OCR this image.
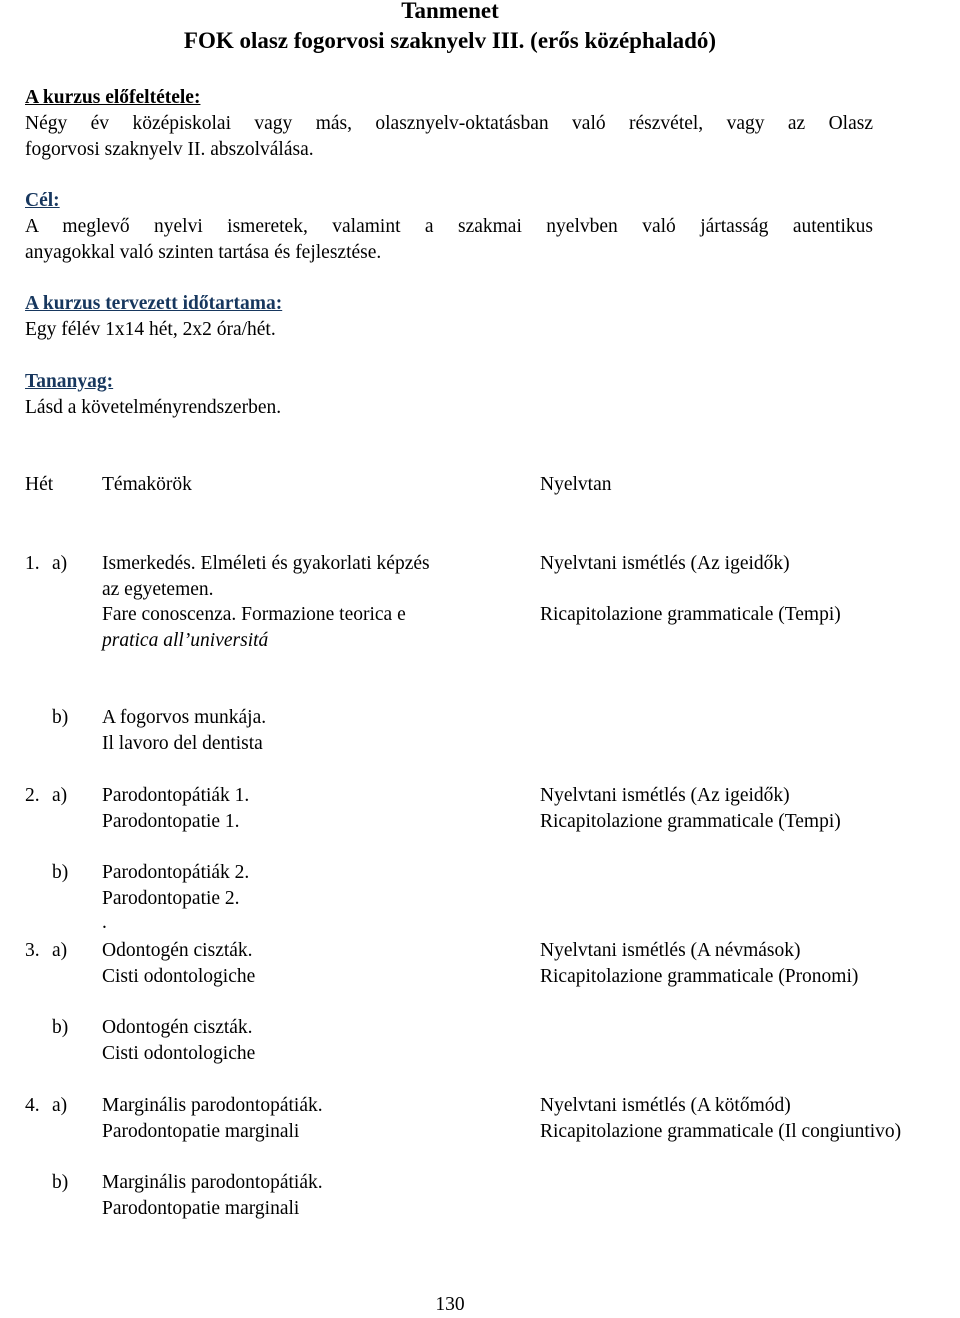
Tanmenet
FOK olasz fogorvosi szaknyelv III. (erős középhaladó)
A kurzus előfeltétele:
Négy év középiskolai vagy más, olasznyelv-oktatásban való részvétel, vagy az Olasz
fogorvosi szaknyelv II. abszolválása.
Cél:
A meglevő nyelvi ismeretek, valamint a szakmai nyelvben való jártasság autentikus
anyagokkal való szinten tartása és fejlesztése.
A kurzus tervezett időtartama:
Egy félév 1x14 hét, 2x2 óra/hét.
Tananyag:
Lásd a követelményrendszerben.
Hét	Témakörök	Nyelvtan
1. a) Ismerkedés. Elméleti és gyakorlati képzés
az egyetemen.
Fare conoscenza. Formazione teorica e
pratica all’universitá
Nyelvtani ismétlés (Az igeidők)
Ricapitolazione grammaticale (Tempi)
b) A fogorvos munkája.
Il lavoro del dentista
2. a) Parodontopátiák 1.
Parodontopatie 1.
Nyelvtani ismétlés (Az igeidők)
Ricapitolazione grammaticale (Tempi)
b) Parodontopátiák 2.
Parodontopatie 2.
.
3. a) Odontogén ciszták.
Cisti odontologiche
Nyelvtani ismétlés (A névmások)
Ricapitolazione grammaticale (Pronomi)
b) Odontogén ciszták.
Cisti odontologiche
4. a) Marginális parodontopátiák.
Parodontopatie marginali
Nyelvtani ismétlés (A kötőmód)
Ricapitolazione grammaticale (Il congiuntivo)
b) Marginális parodontopátiák.
Parodontopatie marginali
130
